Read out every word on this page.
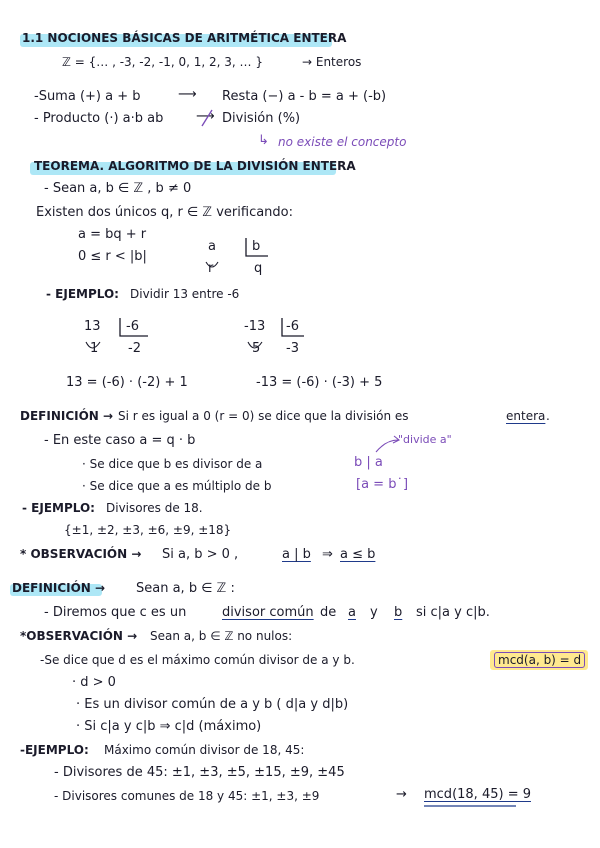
1.1 NOCIONES BÁSICAS DE ARITMÉTICA ENTERA
ℤ = {… , -3, -2, -1, 0, 1, 2, 3, … }	→ Enteros
-Suma (+) a + b	⟶ Resta (−) a - b = a + (-b)
- Producto (·) a·b ab	⟶ División (%)
↳ no existe el concepto
TEOREMA. ALGORITMO DE LA DIVISIÓN ENTERA
- Sean a, b ∈ ℤ , b ≠ 0
Existen dos únicos q, r ∈ ℤ verificando:
a = bq + r
0 ≤ r < |b|
a	b
r	q
- EJEMPLO: Dividir 13 entre -6
13 -6
1 -2
-13 -6
5 -3
13 = (-6) · (-2) + 1	-13 = (-6) · (-3) + 5
DEFINICIÓN → Si r es igual a 0 (r = 0) se dice que la división es	entera .
- En este caso a = q · b	"divide a"
· Se dice que b es divisor de a	b | a
· Se dice que a es múltiplo de b	[a = b˙]
- EJEMPLO: Divisores de 18.
{±1, ±2, ±3, ±6, ±9, ±18}
* OBSERVACIÓN → Si a, b > 0 ,	a | b ⇒ a ≤ b
DEFINICIÓN → Sean a, b ∈ ℤ :
- Diremos que c es un	divisor común de a y b si c|a y c|b.
*OBSERVACIÓN → Sean a, b ∈ ℤ no nulos:
-Se dice que d es el máximo común divisor de a y b.	mcd(a, b) = d
· d > 0
· Es un divisor común de a y b ( d|a y d|b)
· Si c|a y c|b ⇒ c|d (máximo)
-EJEMPLO: Máximo común divisor de 18, 45:
- Divisores de 45: ±1, ±3, ±5, ±15, ±9, ±45
- Divisores comunes de 18 y 45: ±1, ±3, ±9	→ mcd(18, 45) = 9
